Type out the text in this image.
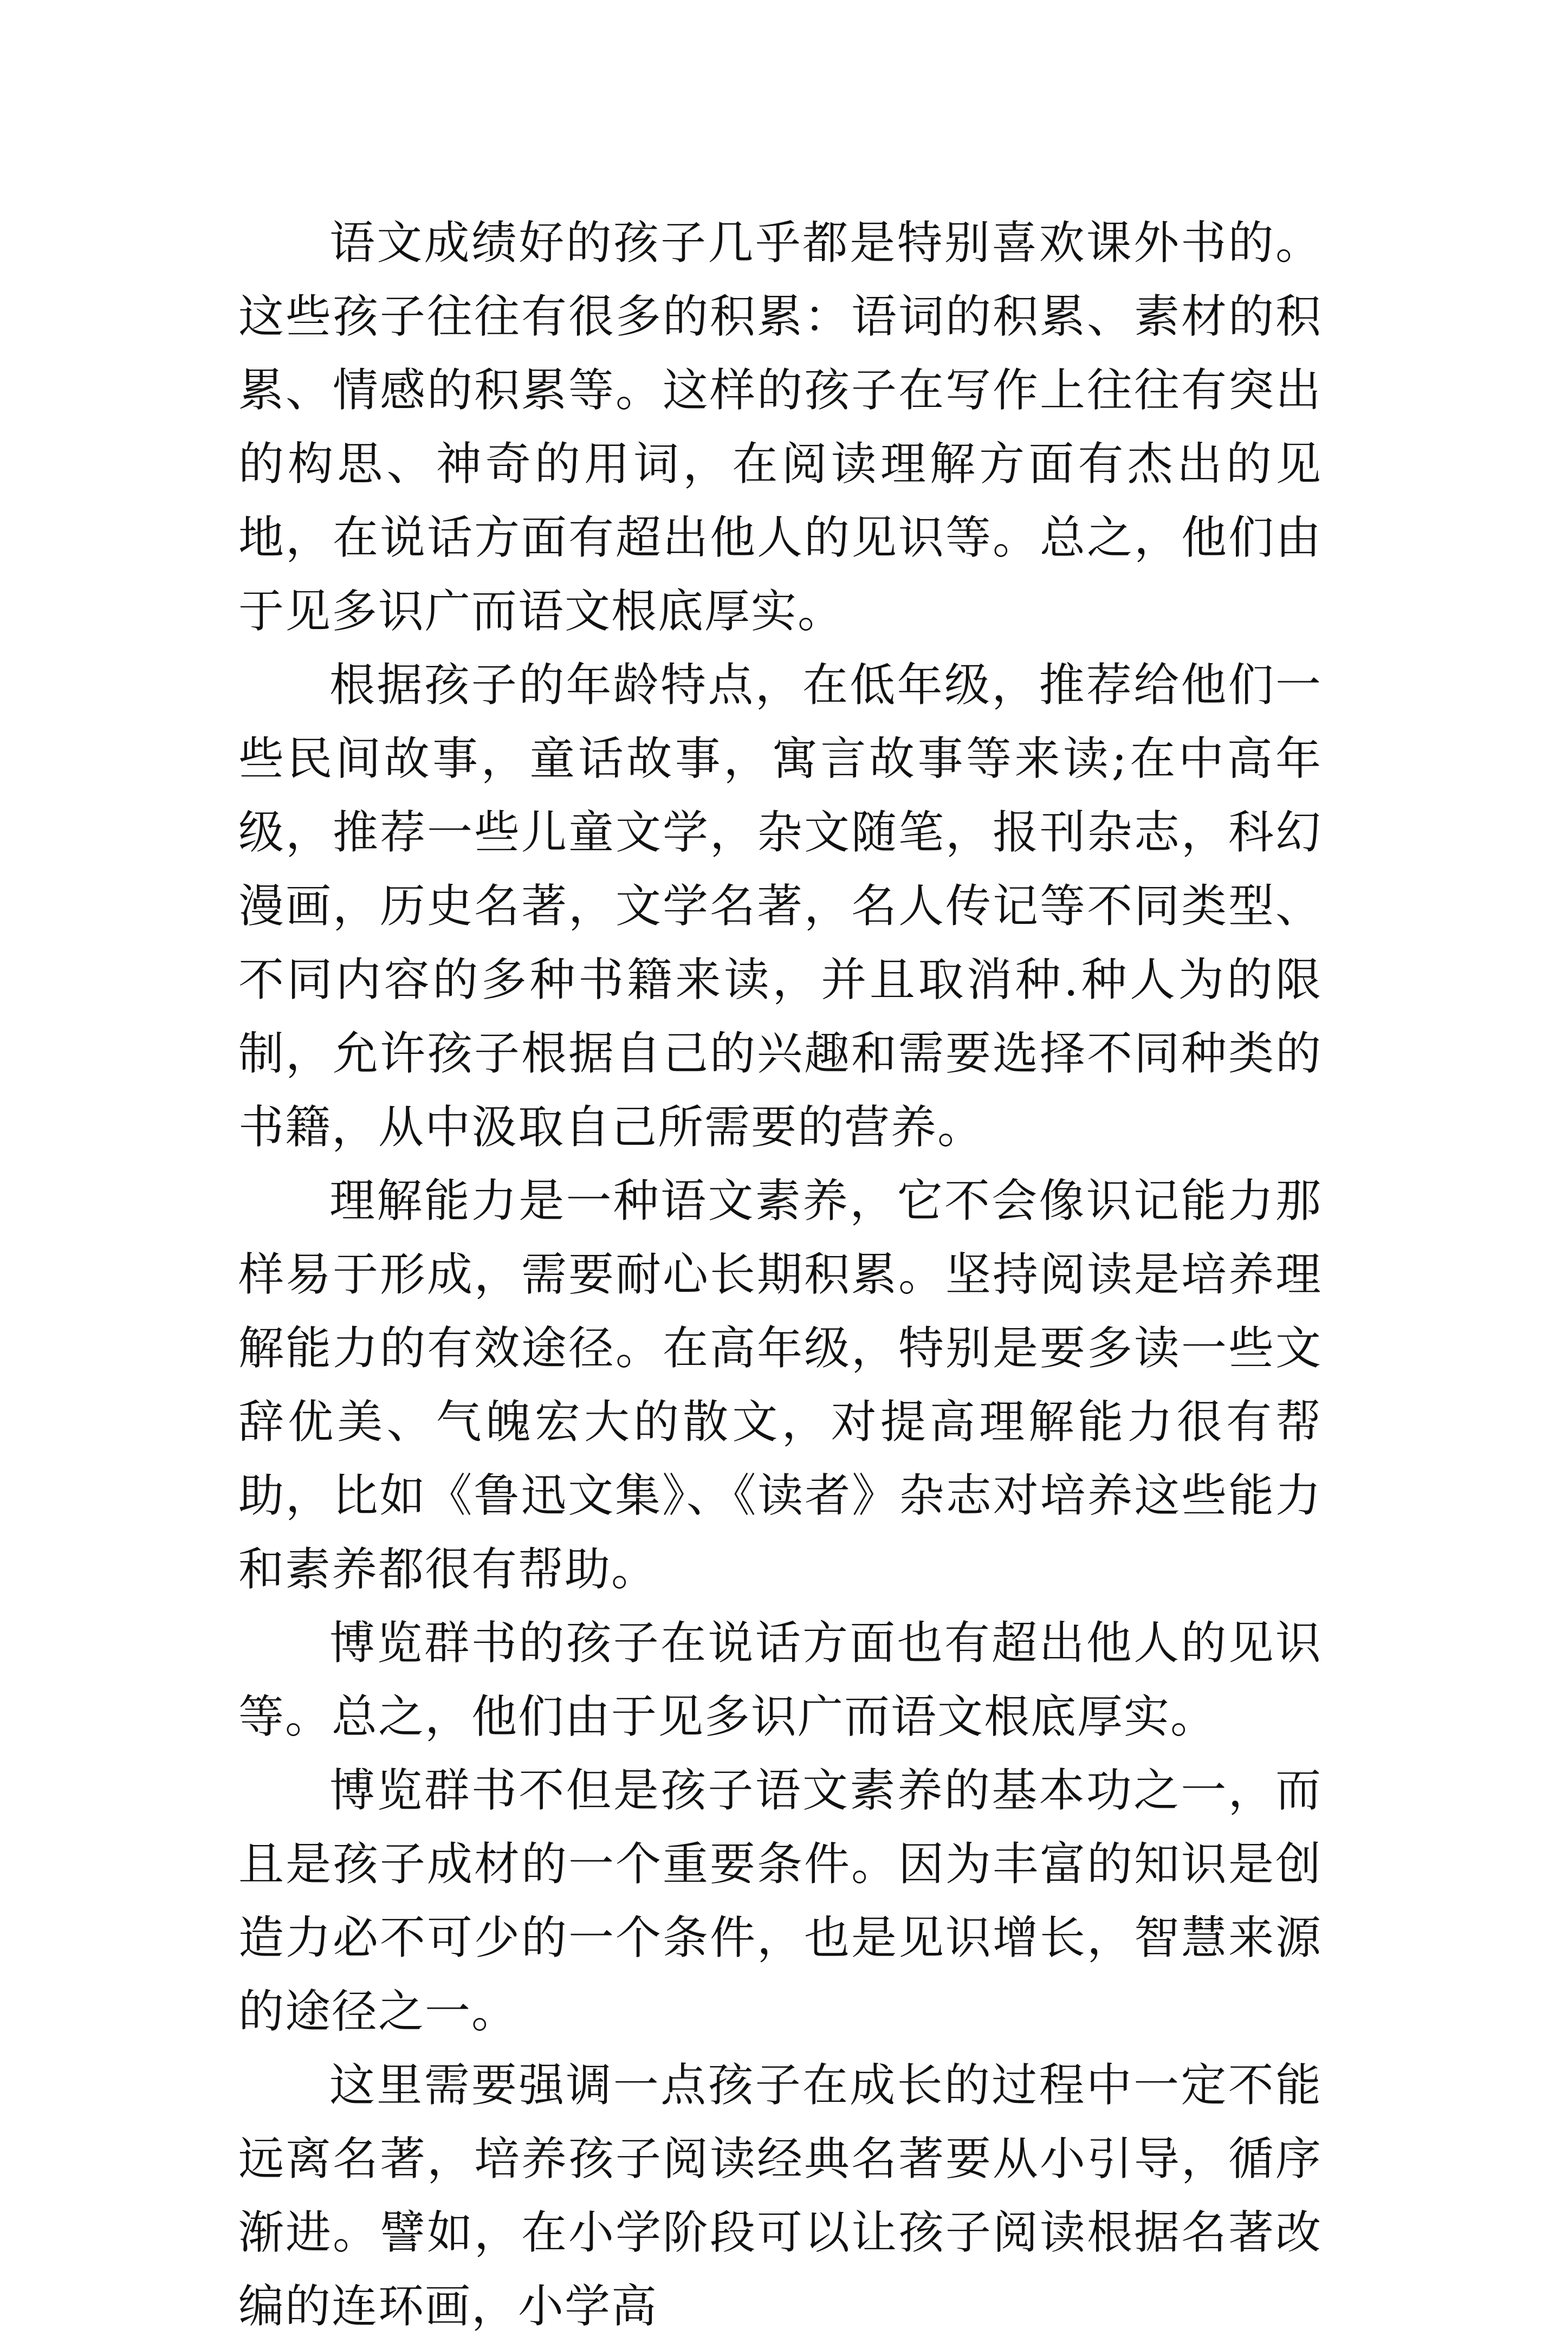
语文成绩好的孩子几乎都是特别喜欢课外书的。这些孩子往往有很多的积累：语词的积累、素材的积累、情感的积累等。这样的孩子在写作上往往有突出的构思、神奇的用词，在阅读理解方面有杰出的见地，在说话方面有超出他人的见识等。总之，他们由于见多识广而语文根底厚实。

根据孩子的年龄特点，在低年级，推荐给他们一些民间故事，童话故事，寓言故事等来读;在中高年级，推荐一些儿童文学，杂文随笔，报刊杂志，科幻漫画，历史名著，文学名著，名人传记等不同类型、不同内容的多种书籍来读，并且取消种.种人为的限制，允许孩子根据自己的兴趣和需要选择不同种类的书籍，从中汲取自己所需要的营养。

理解能力是一种语文素养，它不会像识记能力那样易于形成，需要耐心长期积累。坚持阅读是培养理解能力的有效途径。在高年级，特别是要多读一些文辞优美、气魄宏大的散文，对提高理解能力很有帮助，比如《鲁迅文集》、《读者》杂志对培养这些能力和素养都很有帮助。

博览群书的孩子在说话方面也有超出他人的见识等。总之，他们由于见多识广而语文根底厚实。

博览群书不但是孩子语文素养的基本功之一，而且是孩子成材的一个重要条件。因为丰富的知识是创造力必不可少的一个条件，也是见识增长，智慧来源的途径之一。

这里需要强调一点孩子在成长的过程中一定不能远离名著，培养孩子阅读经典名著要从小引导，循序渐进。譬如，在小学阶段可以让孩子阅读根据名著改编的连环画，小学高
